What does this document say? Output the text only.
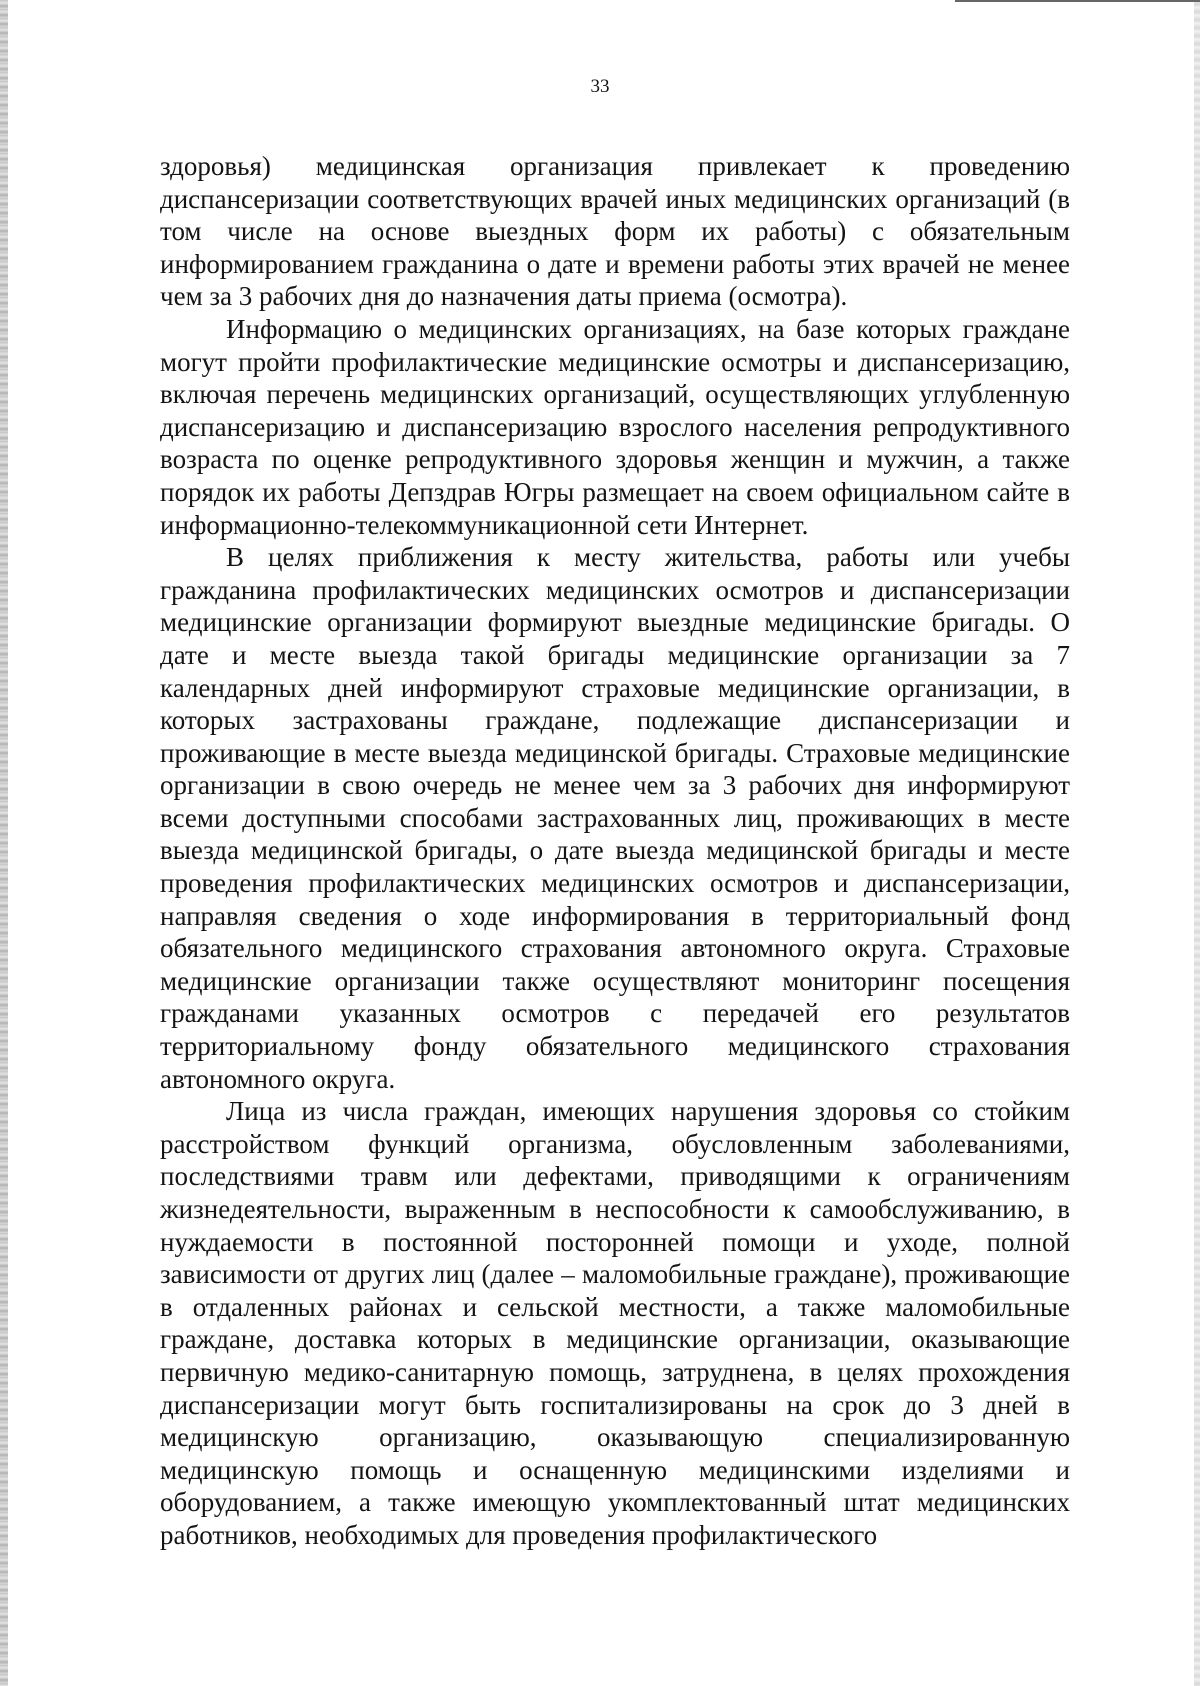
33

здоровья) медицинская организация привлекает к проведению диспансеризации соответствующих врачей иных медицинских организаций (в том числе на основе выездных форм их работы) с обязательным информированием гражданина о дате и времени работы этих врачей не менее чем за 3 рабочих дня до назначения даты приема (осмотра).

Информацию о медицинских организациях, на базе которых граждане могут пройти профилактические медицинские осмотры и диспансеризацию, включая перечень медицинских организаций, осуществляющих углубленную диспансеризацию и диспансеризацию взрослого населения репродуктивного возраста по оценке репродуктивного здоровья женщин и мужчин, а также порядок их работы Депздрав Югры размещает на своем официальном сайте в информационно-телекоммуникационной сети Интернет.

В целях приближения к месту жительства, работы или учебы гражданина профилактических медицинских осмотров и диспансеризации медицинские организации формируют выездные медицинские бригады. О дате и месте выезда такой бригады медицинские организации за 7 календарных дней информируют страховые медицинские организации, в которых застрахованы граждане, подлежащие диспансеризации и проживающие в месте выезда медицинской бригады. Страховые медицинские организации в свою очередь не менее чем за 3 рабочих дня информируют всеми доступными способами застрахованных лиц, проживающих в месте выезда медицинской бригады, о дате выезда медицинской бригады и месте проведения профилактических медицинских осмотров и диспансеризации, направляя сведения о ходе информирования в территориальный фонд обязательного медицинского страхования автономного округа. Страховые медицинские организации также осуществляют мониторинг посещения гражданами указанных осмотров с передачей его результатов территориальному фонду обязательного медицинского страхования автономного округа.

Лица из числа граждан, имеющих нарушения здоровья со стойким расстройством функций организма, обусловленным заболеваниями, последствиями травм или дефектами, приводящими к ограничениям жизнедеятельности, выраженным в неспособности к самообслуживанию, в нуждаемости в постоянной посторонней помощи и уходе, полной зависимости от других лиц (далее – маломобильные граждане), проживающие в отдаленных районах и сельской местности, а также маломобильные граждане, доставка которых в медицинские организации, оказывающие первичную медико-санитарную помощь, затруднена, в целях прохождения диспансеризации могут быть госпитализированы на срок до 3 дней в медицинскую организацию, оказывающую специализированную медицинскую помощь и оснащенную медицинскими изделиями и оборудованием, а также имеющую укомплектованный штат медицинских работников, необходимых для проведения профилактического
